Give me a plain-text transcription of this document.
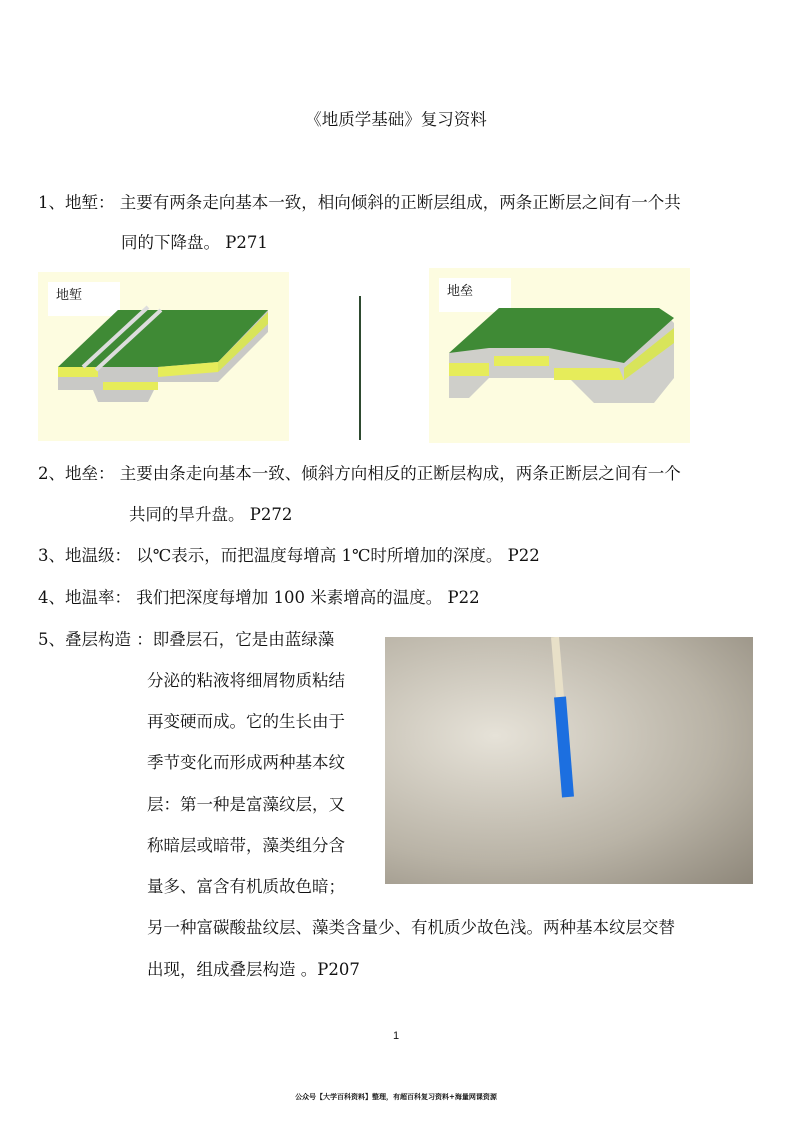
《地质学基础》复习资料
1、地堑： 主要有两条走向基本一致，相向倾斜的正断层组成，两条正断层之间有一个共
同的下降盘。 P271
地堑	地垒
2、地垒： 主要由条走向基本一致、倾斜方向相反的正断层构成，两条正断层之间有一个
共同的旱升盘。 P272
3、地温级： 以℃表示，而把温度每增高 1℃时所增加的深度。 P22
4、地温率： 我们把深度每增加 100 米素增高的温度。 P22
5、叠层构造 ：即叠层石，它是由蓝绿藻
分泌的粘液将细屑物质粘结
再变硬而成。它的生长由于
季节变化而形成两种基本纹
层：第一种是富藻纹层，又
称暗层或暗带，藻类组分含
量多、富含有机质故色暗；
另一种富碳酸盐纹层、藻类含量少、有机质少故色浅。两种基本纹层交替
出现，组成叠层构造 。P207
1
公众号【大学百科资料】整理，有超百科复习资料+海量网课资源
